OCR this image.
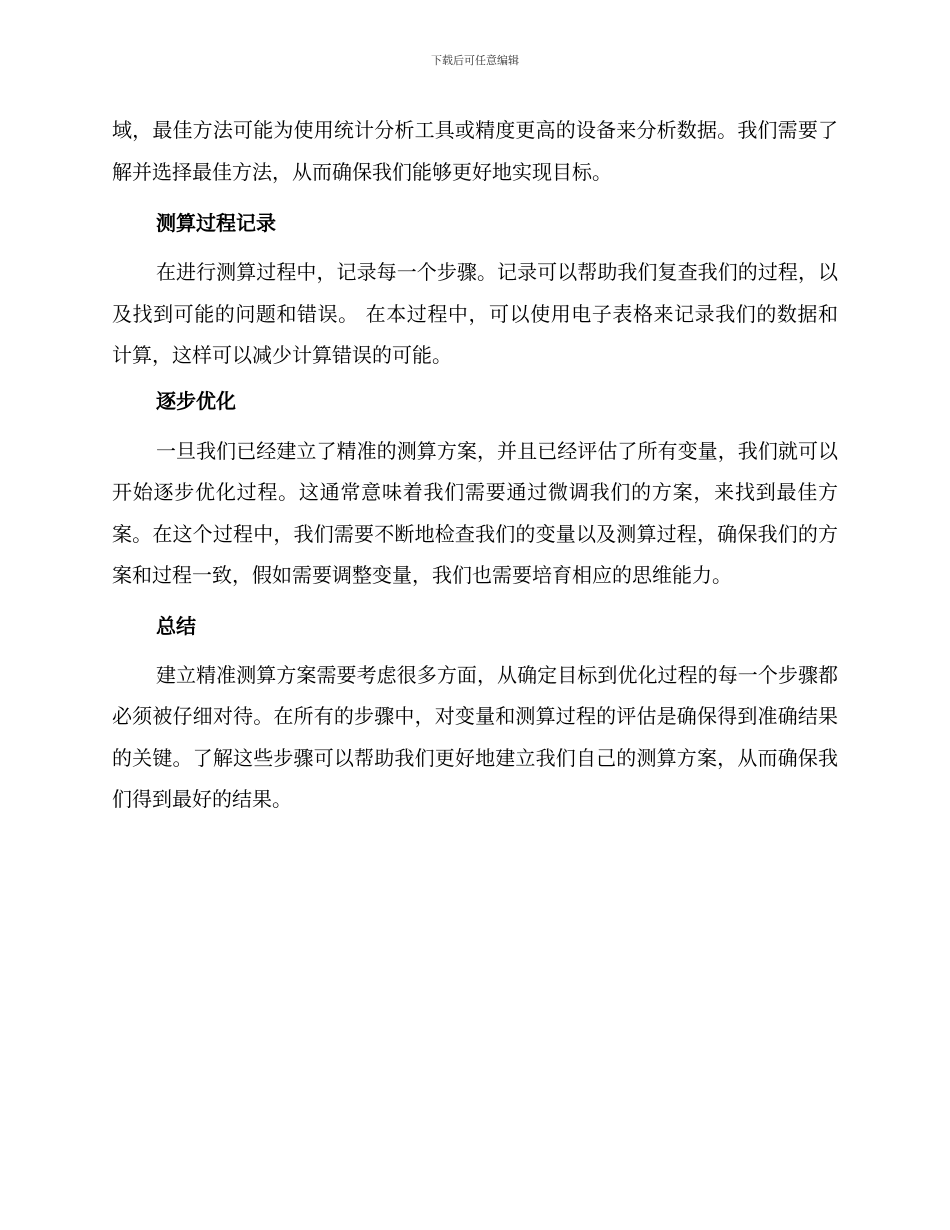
下载后可任意编辑

域，最佳方法可能为使用统计分析工具或精度更高的设备来分析数据。我们需要了解并选择最佳方法，从而确保我们能够更好地实现目标。

测算过程记录

在进行测算过程中，记录每一个步骤。记录可以帮助我们复查我们的过程，以及找到可能的问题和错误。 在本过程中，可以使用电子表格来记录我们的数据和计算，这样可以减少计算错误的可能。

逐步优化

一旦我们已经建立了精准的测算方案，并且已经评估了所有变量，我们就可以开始逐步优化过程。这通常意味着我们需要通过微调我们的方案，来找到最佳方案。在这个过程中，我们需要不断地检查我们的变量以及测算过程，确保我们的方案和过程一致，假如需要调整变量，我们也需要培育相应的思维能力。

总结

建立精准测算方案需要考虑很多方面，从确定目标到优化过程的每一个步骤都必须被仔细对待。在所有的步骤中，对变量和测算过程的评估是确保得到准确结果的关键。了解这些步骤可以帮助我们更好地建立我们自己的测算方案，从而确保我们得到最好的结果。
